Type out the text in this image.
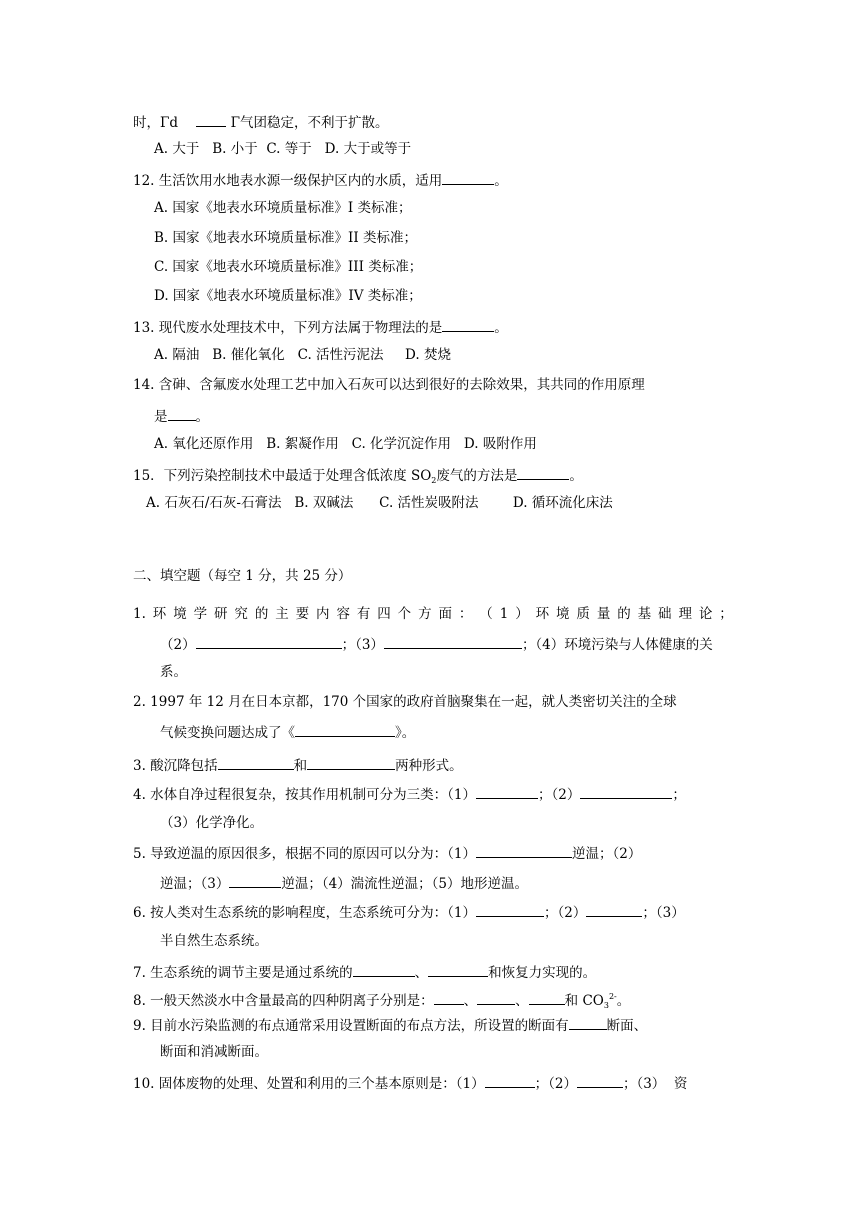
时，Γd	Γ气团稳定，不利于扩散。
A. 大于 B. 小于 C. 等于 D. 大于或等于
12. 生活饮用水地表水源一级保护区内的水质，适用	。
A. 国家《地表水环境质量标准》I 类标准；
B. 国家《地表水环境质量标准》II 类标准；
C. 国家《地表水环境质量标准》III 类标准；
D. 国家《地表水环境质量标准》IV 类标准；
13. 现代废水处理技术中，下列方法属于物理法的是	。
A. 隔油 B. 催化氧化 C. 活性污泥法 D. 焚烧
14. 含砷、含氟废水处理工艺中加入石灰可以达到很好的去除效果，其共同的作用原理
是 。
A. 氧化还原作用 B. 絮凝作用 C. 化学沉淀作用 D. 吸附作用
15．下列污染控制技术中最适于处理含低浓度 $SO_2$废气的方法是	。
A. 石灰石/石灰-石膏法 B. 双碱法 C. 活性炭吸附法	D. 循环流化床法
二、填空题（每空 1 分，共 25 分）
1. 环 境 学 研 究 的 主 要 内 容 有 四 个 方 面 ： （ 1 ） 环 境 质 量 的 基 础 理 论 ；
（2）	；（3）	；（4）环境污染与人体健康的关
系。
2. 1997 年 12 月在日本京都，170 个国家的政府首脑聚集在一起，就人类密切关注的全球
气候变换问题达成了《	》。
3. 酸沉降包括	和	两种形式。
4. 水体自净过程很复杂，按其作用机制可分为三类：（1）	；（2）	；
（3）化学净化。
5. 导致逆温的原因很多，根据不同的原因可以分为：（1）	逆温；（2）
逆温；（3）	逆温；（4）湍流性逆温；（5）地形逆温。
6. 按人类对生态系统的影响程度，生态系统可分为：（1）	；（2）	；（3）
半自然生态系统。
7. 生态系统的调节主要是通过系统的	、	和恢复力实现的。
8. 一般天然淡水中含量最高的四种阴离子分别是： 、	、	和 $CO_3^{2-}$。
9. 目前水污染监测的布点通常采用设置断面的布点方法，所设置的断面有	断面、
断面和消减断面。
10. 固体废物的处理、处置和利用的三个基本原则是：（1）	；（2）	；（3） 资
